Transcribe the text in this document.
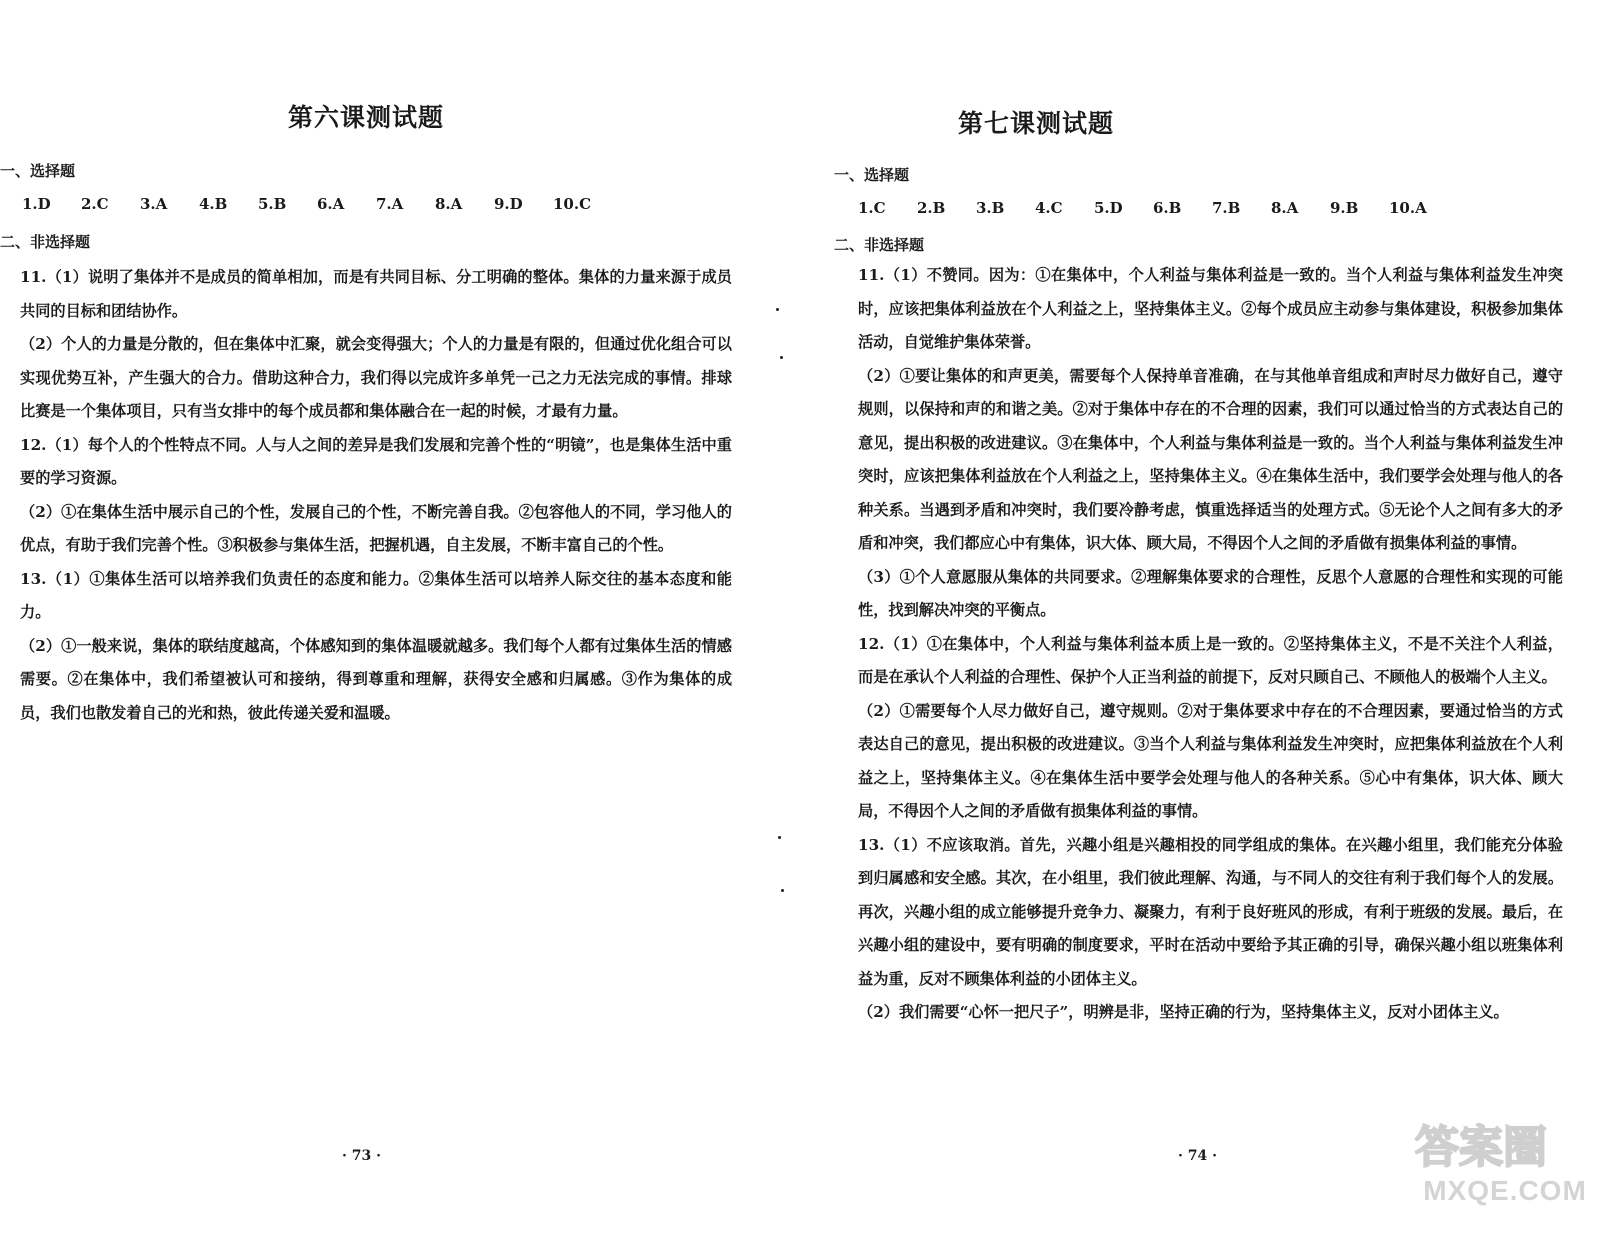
第六课测试题
一、选择题
1.D	2.C	3.A	4.B	5.B	6.A	7.A	8.A	9.D	10.C
二、非选择题

11.（1）说明了集体并不是成员的简单相加，而是有共同目标、分工明确的整体。集体的力量来源于成员共同的目标和团结协作。

（2）个人的力量是分散的，但在集体中汇聚，就会变得强大；个人的力量是有限的，但通过优化组合可以实现优势互补，产生强大的合力。借助这种合力，我们得以完成许多单凭一己之力无法完成的事情。排球比赛是一个集体项目，只有当女排中的每个成员都和集体融合在一起的时候，才最有力量。

12.（1）每个人的个性特点不同。人与人之间的差异是我们发展和完善个性的“明镜”，也是集体生活中重要的学习资源。

（2）①在集体生活中展示自己的个性，发展自己的个性，不断完善自我。②包容他人的不同，学习他人的优点，有助于我们完善个性。③积极参与集体生活，把握机遇，自主发展，不断丰富自己的个性。

13.（1）①集体生活可以培养我们负责任的态度和能力。②集体生活可以培养人际交往的基本态度和能力。

（2）①一般来说，集体的联结度越高，个体感知到的集体温暖就越多。我们每个人都有过集体生活的情感需要。②在集体中，我们希望被认可和接纳，得到尊重和理解，获得安全感和归属感。③作为集体的成员，我们也散发着自己的光和热，彼此传递关爱和温暖。

· 73 ·
第七课测试题
一、选择题
1.C	2.B	3.B	4.C	5.D	6.B	7.B	8.A	9.B	10.A
二、非选择题

11.（1）不赞同。因为：①在集体中，个人利益与集体利益是一致的。当个人利益与集体利益发生冲突时，应该把集体利益放在个人利益之上，坚持集体主义。②每个成员应主动参与集体建设，积极参加集体活动，自觉维护集体荣誉。

（2）①要让集体的和声更美，需要每个人保持单音准确，在与其他单音组成和声时尽力做好自己，遵守规则，以保持和声的和谐之美。②对于集体中存在的不合理的因素，我们可以通过恰当的方式表达自己的意见，提出积极的改进建议。③在集体中，个人利益与集体利益是一致的。当个人利益与集体利益发生冲突时，应该把集体利益放在个人利益之上，坚持集体主义。④在集体生活中，我们要学会处理与他人的各种关系。当遇到矛盾和冲突时，我们要冷静考虑，慎重选择适当的处理方式。⑤无论个人之间有多大的矛盾和冲突，我们都应心中有集体，识大体、顾大局，不得因个人之间的矛盾做有损集体利益的事情。

（3）①个人意愿服从集体的共同要求。②理解集体要求的合理性，反思个人意愿的合理性和实现的可能性，找到解决冲突的平衡点。

12.（1）①在集体中，个人利益与集体利益本质上是一致的。②坚持集体主义，不是不关注个人利益，而是在承认个人利益的合理性、保护个人正当利益的前提下，反对只顾自己、不顾他人的极端个人主义。

（2）①需要每个人尽力做好自己，遵守规则。②对于集体要求中存在的不合理因素，要通过恰当的方式表达自己的意见，提出积极的改进建议。③当个人利益与集体利益发生冲突时，应把集体利益放在个人利益之上，坚持集体主义。④在集体生活中要学会处理与他人的各种关系。⑤心中有集体，识大体、顾大局，不得因个人之间的矛盾做有损集体利益的事情。

13.（1）不应该取消。首先，兴趣小组是兴趣相投的同学组成的集体。在兴趣小组里，我们能充分体验到归属感和安全感。其次，在小组里，我们彼此理解、沟通，与不同人的交往有利于我们每个人的发展。再次，兴趣小组的成立能够提升竞争力、凝聚力，有利于良好班风的形成，有利于班级的发展。最后，在兴趣小组的建设中，要有明确的制度要求，平时在活动中要给予其正确的引导，确保兴趣小组以班集体利益为重，反对不顾集体利益的小团体主义。

（2）我们需要“心怀一把尺子”，明辨是非，坚持正确的行为，坚持集体主义，反对小团体主义。

· 74 ·	答案圈
MXQE.COM
